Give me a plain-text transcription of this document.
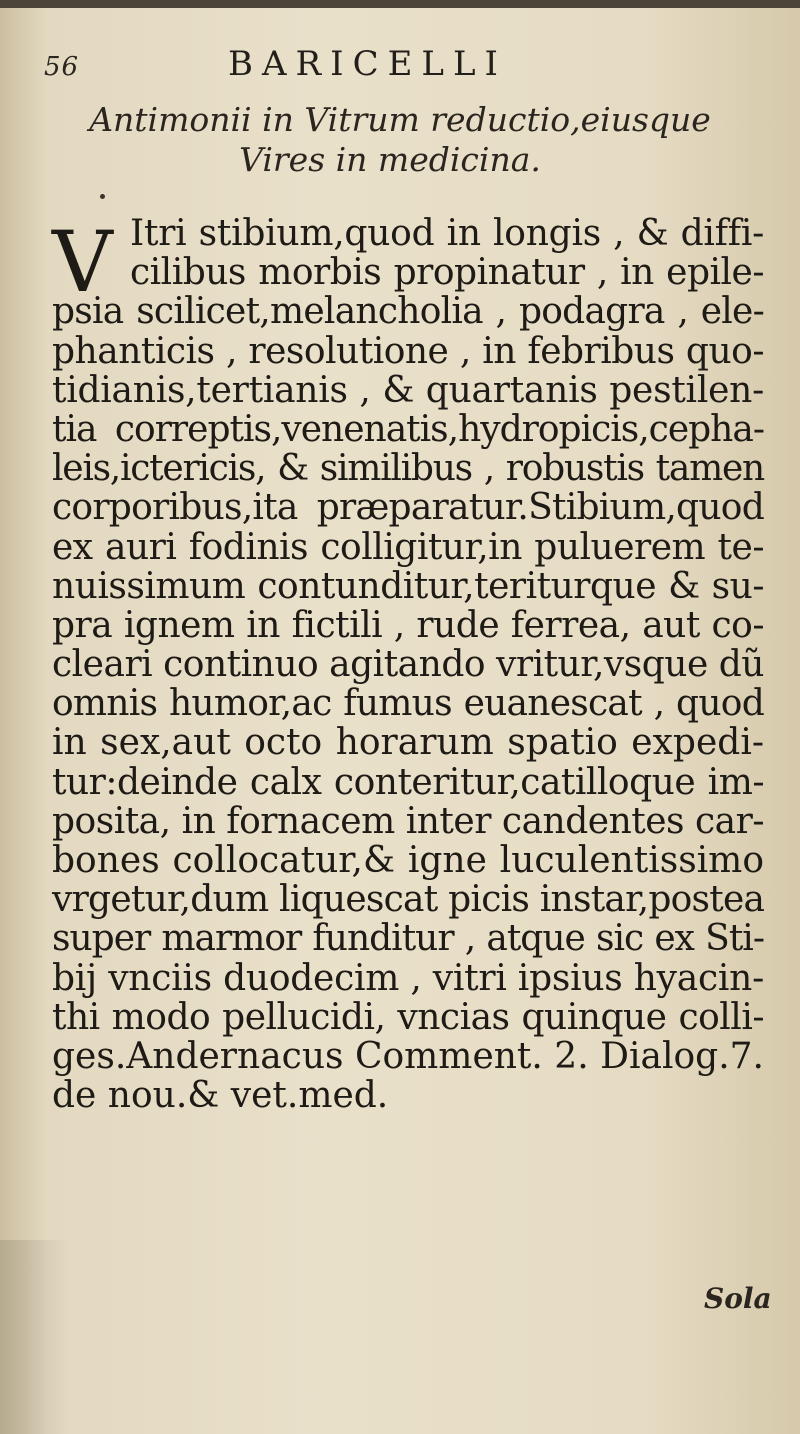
56	BARICELLI
Antimonii in Vitrum reductio,eiusque
Vires in medicina.
V Itri stibium,quod in longis , & diffi-
cilibus morbis propinatur , in epile-
psia scilicet,melancholia , podagra , ele-
phanticis , resolutione , in febribus quo-
tidianis,tertianis , & quartanis pestilen-
tia correptis,venenatis,hydropicis,cepha-
leis,ictericis, & similibus , robustis tamen
corporibus,ita præparatur.Stibium,quod
ex auri fodinis colligitur,in puluerem te-
nuissimum contunditur,teriturque & su-
pra ignem in fictili , rude ferrea, aut co-
cleari continuo agitando vritur,vsque dũ
omnis humor,ac fumus euanescat , quod
in sex,aut octo horarum spatio expedi-
tur:deinde calx conteritur,catilloque im-
posita, in fornacem inter candentes car-
bones collocatur,& igne luculentissimo
vrgetur,dum liquescat picis instar,postea
super marmor funditur , atque sic ex Sti-
bij vnciis duodecim , vitri ipsius hyacin-
thi modo pellucidi, vncias quinque colli-
ges.Andernacus Comment. 2. Dialog.7.
de nou.& vet.med.
Sola
